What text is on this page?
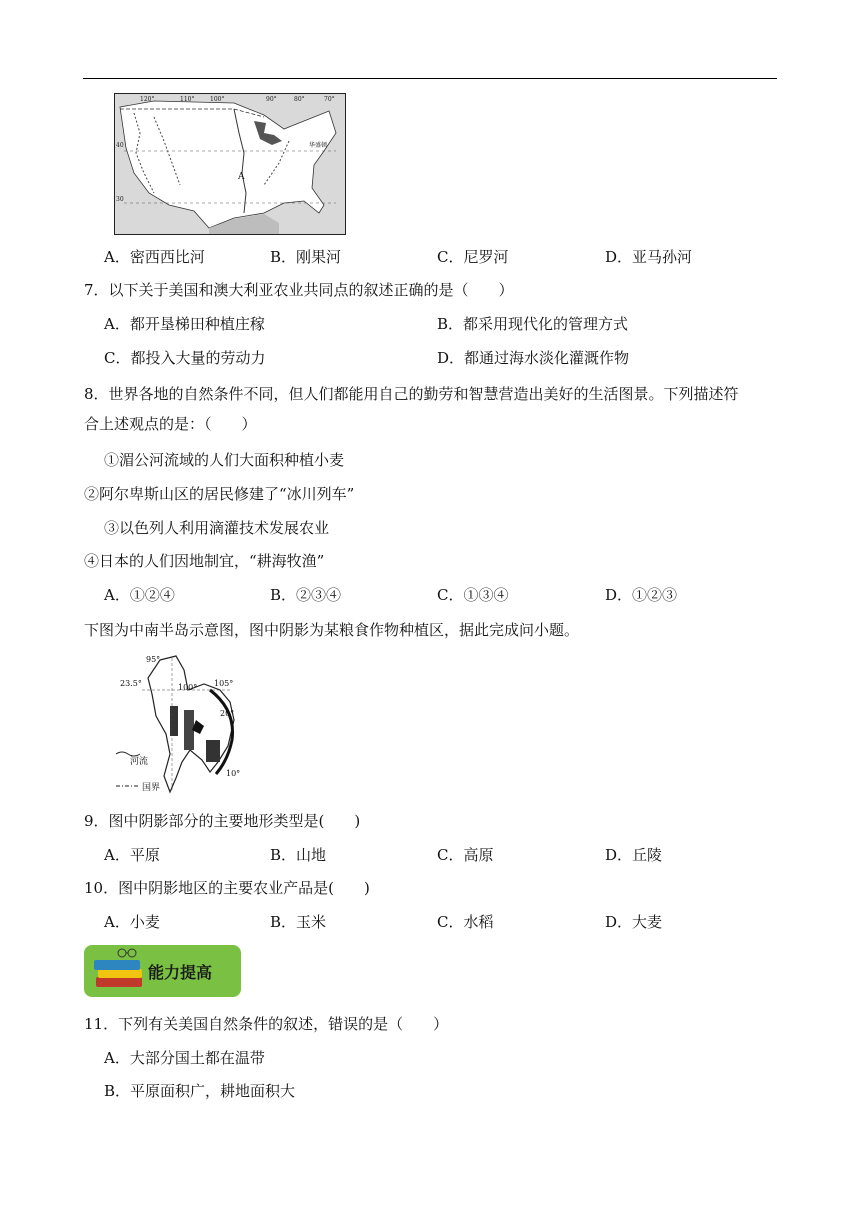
120°	110°	100°	90°	80°	70°
40
30
A
华盛顿
A．密西西比河	B．刚果河	C．尼罗河	D．亚马孙河
7．以下关于美国和澳大利亚农业共同点的叙述正确的是（　　）
A．都开垦梯田种植庄稼	B．都采用现代化的管理方式
C．都投入大量的劳动力	D．都通过海水淡化灌溉作物
8．世界各地的自然条件不同，但人们都能用自己的勤劳和智慧营造出美好的生活图景。下列描述符
合上述观点的是：（　　）
①湄公河流域的人们大面积种植小麦
②阿尔卑斯山区的居民修建了“冰川列车”
③以色列人利用滴灌技术发展农业
④日本的人们因地制宜，“耕海牧渔”
A．①②④	B．②③④	C．①③④	D．①②③
下图为中南半岛示意图，图中阴影为某粮食作物种植区，据此完成问小题。
95°
23.5°	100° 105°
20°
10°
河流
国界
9．图中阴影部分的主要地形类型是(　　)
A．平原	B．山地	C．高原	D．丘陵
10．图中阴影地区的主要农业产品是(　　)
A．小麦	B．玉米	C．水稻	D．大麦
能力提高
11．下列有关美国自然条件的叙述，错误的是（　　）
A．大部分国土都在温带
B．平原面积广，耕地面积大
